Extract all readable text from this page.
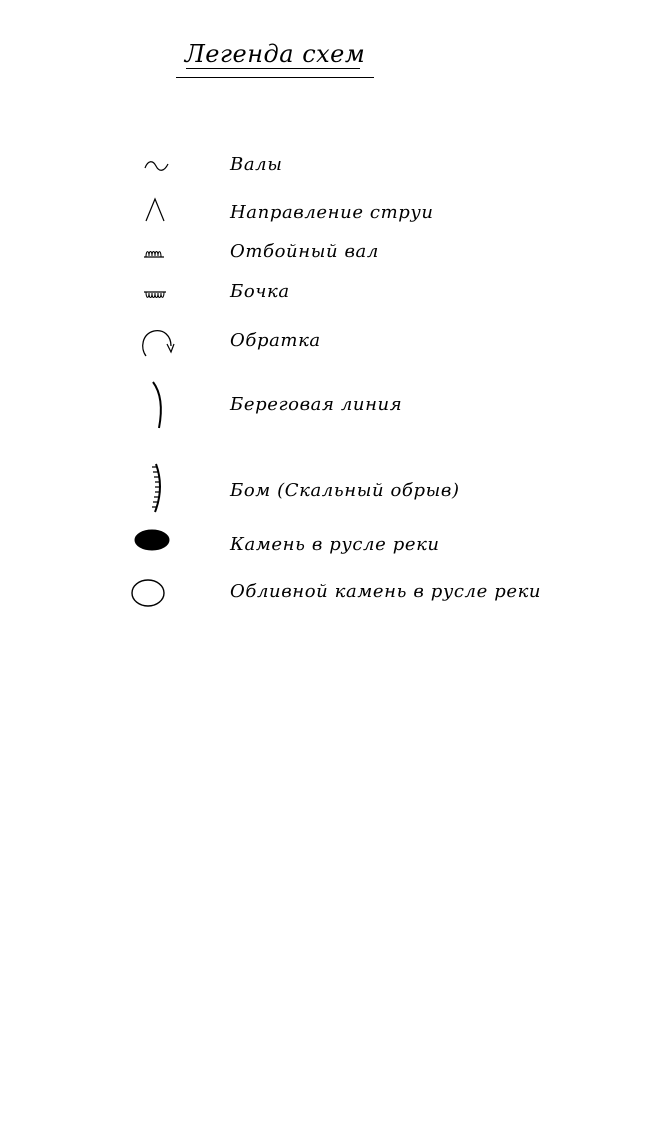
Легенда схем
Валы
Направление струи
Отбойный вал
Бочка
Обратка
Береговая линия
Бом (Скальный обрыв)
Камень в русле реки
Обливной камень в русле реки
